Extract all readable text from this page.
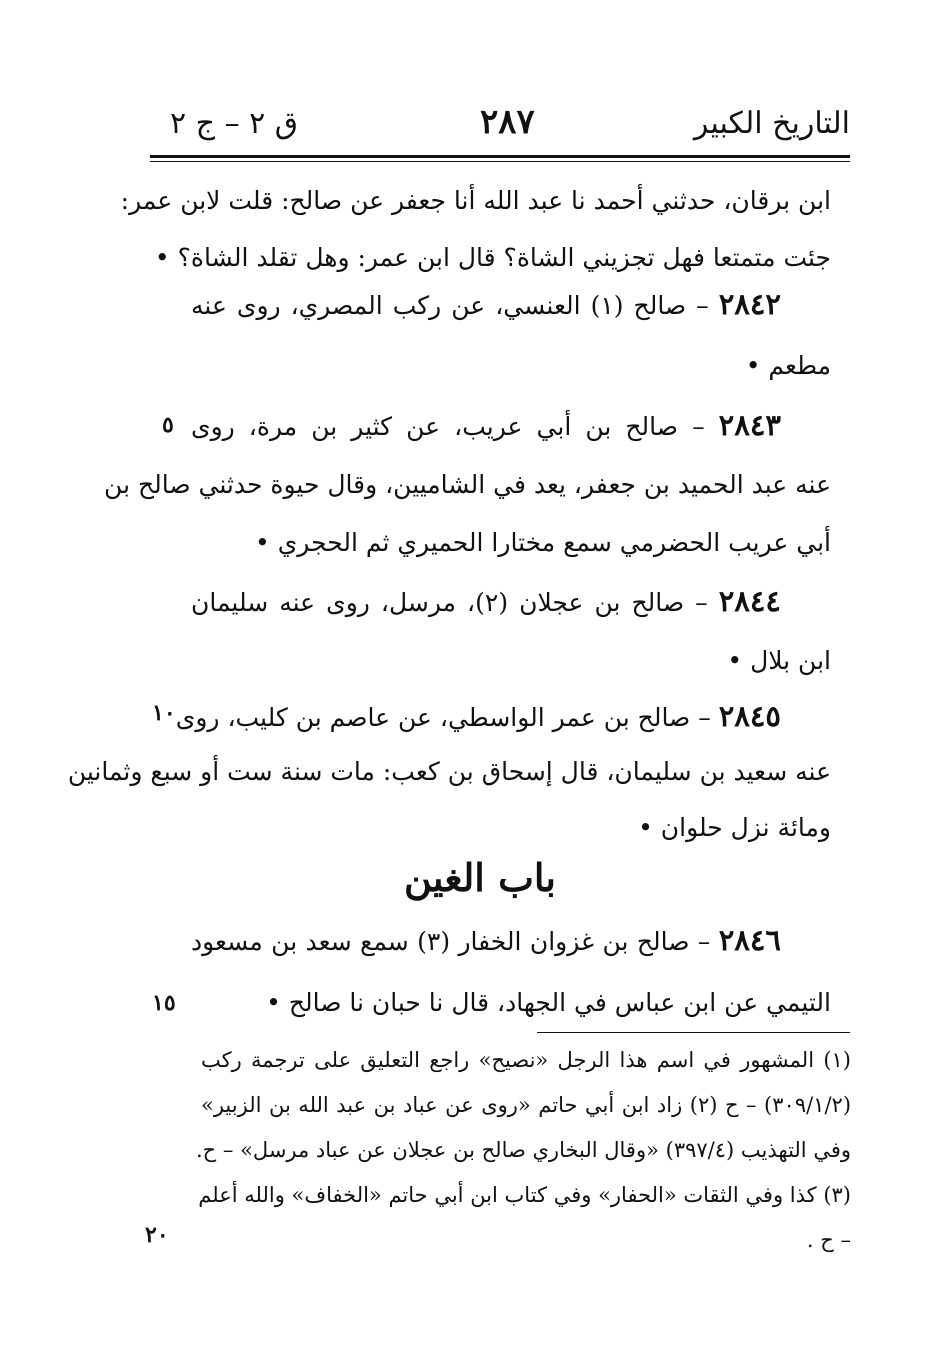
التاريخ الكبير
٢٨٧
ق ٢ – ج ٢
ابن برقان، حدثني أحمد نا عبد الله أنا جعفر عن صالح: قلت لابن عمر:
جئت متمتعا فهل تجزيني الشاة؟ قال ابن عمر: وهل تقلد الشاة؟ •
٢٨٤٢ – صالح (١) العنسي، عن ركب المصري، روى عنه
مطعم •
٢٨٤٣ – صالح بن أبي عريب، عن كثير بن مرة، روى
عنه عبد الحميد بن جعفر، يعد في الشاميين، وقال حيوة حدثني صالح بن
أبي عريب الحضرمي سمع مختارا الحميري ثم الحجري •
٢٨٤٤ – صالح بن عجلان (٢)، مرسل، روى عنه سليمان
ابن بلال •
٢٨٤٥ – صالح بن عمر الواسطي، عن عاصم بن كليب، روى
عنه سعيد بن سليمان، قال إسحاق بن كعب: مات سنة ست أو سبع وثمانين
ومائة نزل حلوان •
باب الغين
٢٨٤٦ – صالح بن غزوان الخفار (٣) سمع سعد بن مسعود
التيمي عن ابن عباس في الجهاد، قال نا حبان نا صالح •
٥
١٠
١٥
٢٠
(١) المشهور في اسم هذا الرجل «نصيح» راجع التعليق على ترجمة ركب
(٣٠٩/١/٢) – ح (٢) زاد ابن أبي حاتم «روى عن عباد بن عبد الله بن الزبير»
وفي التهذيب (٣٩٧/٤) «وقال البخاري صالح بن عجلان عن عباد مرسل» – ح.
(٣) كذا وفي الثقات «الحفار» وفي كتاب ابن أبي حاتم «الخفاف» والله أعلم
– ح .
